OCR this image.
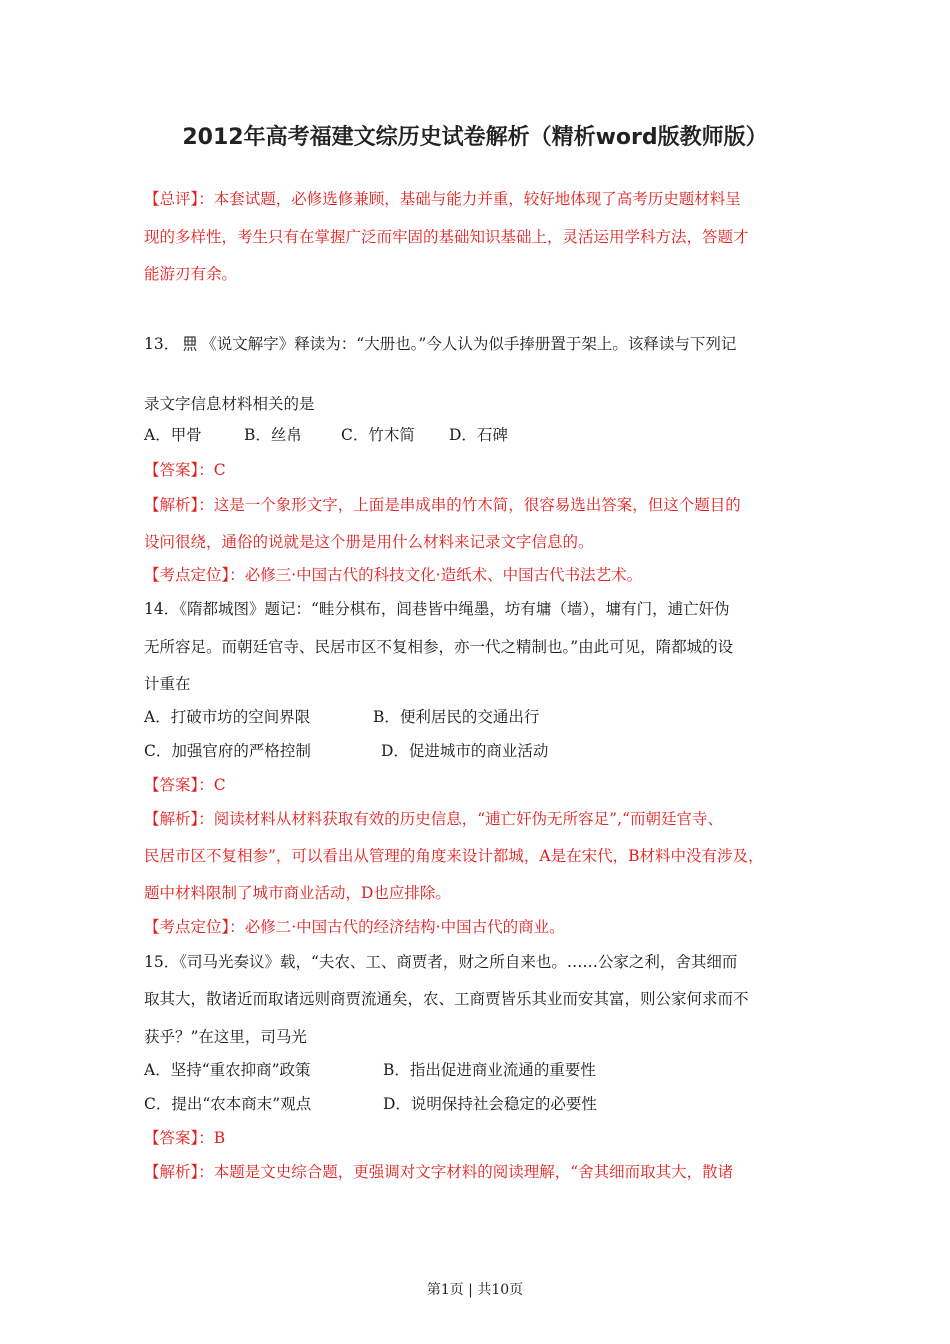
2012年高考福建文综历史试卷解析（精析word版教师版）
【总评】：本套试题，必修选修兼顾，基础与能力并重，较好地体现了高考历史题材料呈
现的多样性，考生只有在掌握广泛而牢固的基础知识基础上，灵活运用学科方法，答题才
能游刃有余。
13． 《说文解字》释读为：“大册也。”今人认为似手捧册置于架上。该释读与下列记
录文字信息材料相关的是
A．甲骨	B．丝帛	C．竹木简 D．石碑
【答案】：C
【解析】：这是一个象形文字，上面是串成串的竹木简，很容易选出答案，但这个题目的
设问很绕，通俗的说就是这个册是用什么材料来记录文字信息的。
【考点定位】：必修三·中国古代的科技文化·造纸术、中国古代书法艺术。
14．《隋都城图》题记：“畦分棋布，闾巷皆中绳墨，坊有墉（墙），墉有门，逋亡奸伪
无所容足。而朝廷官寺、民居市区不复相参，亦一代之精制也。”由此可见，隋都城的设
计重在
A．打破市坊的空间界限	B．便利居民的交通出行
C．加强官府的严格控制	D．促进城市的商业活动
【答案】：C
【解析】：阅读材料从材料获取有效的历史信息，“逋亡奸伪无所容足”,“而朝廷官寺、
民居市区不复相参”，可以看出从管理的角度来设计都城，A是在宋代，B材料中没有涉及，
题中材料限制了城市商业活动，D也应排除。
【考点定位】：必修二·中国古代的经济结构·中国古代的商业。
15．《司马光奏议》载，“夫农、工、商贾者，财之所自来也。……公家之利，舍其细而
取其大，散诸近而取诸远则商贾流通矣，农、工商贾皆乐其业而安其富，则公家何求而不
获乎？”在这里，司马光
A．坚持“重农抑商”政策	B．指出促进商业流通的重要性
C．提出“农本商末”观点	D．说明保持社会稳定的必要性
【答案】：B
【解析】：本题是文史综合题，更强调对文字材料的阅读理解，“舍其细而取其大，散诸
第1页 | 共10页
